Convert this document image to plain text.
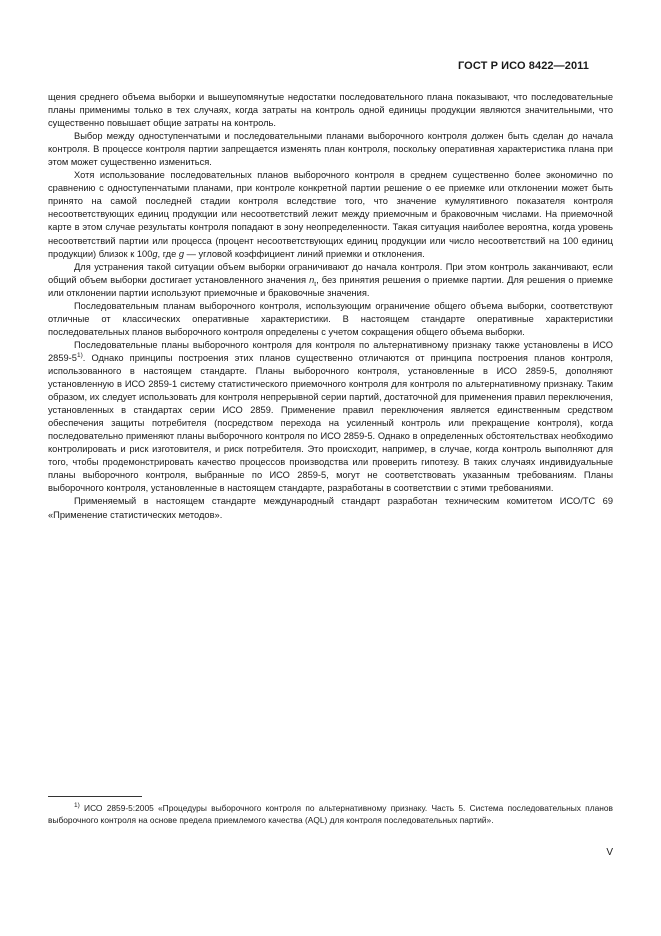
ГОСТ Р ИСО 8422—2011

щения среднего объема выборки и вышеупомянутые недостатки последовательного плана показывают, что последовательные планы применимы только в тех случаях, когда затраты на контроль одной единицы продукции являются значительными, что существенно повышает общие затраты на контроль.

Выбор между одноступенчатыми и последовательными планами выборочного контроля должен быть сделан до начала контроля. В процессе контроля партии запрещается изменять план контроля, поскольку оперативная характеристика плана при этом может существенно измениться.

Хотя использование последовательных планов выборочного контроля в среднем существенно более экономично по сравнению с одноступенчатыми планами, при контроле конкретной партии решение о ее приемке или отклонении может быть принято на самой последней стадии контроля вследствие того, что значение кумулятивного показателя контроля несоответствующих единиц продукции или несоответствий лежит между приемочным и браковочным числами. На приемочной карте в этом случае результаты контроля попадают в зону неопределенности. Такая ситуация наиболее вероятна, когда уровень несоответствий партии или процесса (процент несоответствующих единиц продукции или число несоответствий на 100 единиц продукции) близок к 100g, где g — угловой коэффициент линий приемки и отклонения.

Для устранения такой ситуации объем выборки ограничивают до начала контроля. При этом контроль заканчивают, если общий объем выборки достигает установленного значения $n_t$, без принятия решения о приемке партии. Для решения о приемке или отклонении партии используют приемочные и браковочные значения.

Последовательным планам выборочного контроля, использующим ограничение общего объема выборки, соответствуют отличные от классических оперативные характеристики. В настоящем стандарте оперативные характеристики последовательных планов выборочного контроля определены с учетом сокращения общего объема выборки.

Последовательные планы выборочного контроля для контроля по альтернативному признаку также установлены в ИСО 2859-5$^{1)}$. Однако принципы построения этих планов существенно отличаются от принципа построения планов контроля, использованного в настоящем стандарте. Планы выборочного контроля, установленные в ИСО 2859-5, дополняют установленную в ИСО 2859-1 систему статистического приемочного контроля для контроля по альтернативному признаку. Таким образом, их следует использовать для контроля непрерывной серии партий, достаточной для применения правил переключения, установленных в стандартах серии ИСО 2859. Применение правил переключения является единственным средством обеспечения защиты потребителя (посредством перехода на усиленный контроль или прекращение контроля), когда последовательно применяют планы выборочного контроля по ИСО 2859-5. Однако в определенных обстоятельствах необходимо контролировать и риск изготовителя, и риск потребителя. Это происходит, например, в случае, когда контроль выполняют для того, чтобы продемонстрировать качество процессов производства или проверить гипотезу. В таких случаях индивидуальные планы выборочного контроля, выбранные по ИСО 2859-5, могут не соответствовать указанным требованиям. Планы выборочного контроля, установленные в настоящем стандарте, разработаны в соответствии с этими требованиями.

Применяемый в настоящем стандарте международный стандарт разработан техническим комитетом ИСО/ТС 69 «Применение статистических методов».

$^{1)}$ ИСО 2859-5:2005 «Процедуры выборочного контроля по альтернативному признаку. Часть 5. Система последовательных планов выборочного контроля на основе предела приемлемого качества (AQL) для контроля последовательных партий».

V
